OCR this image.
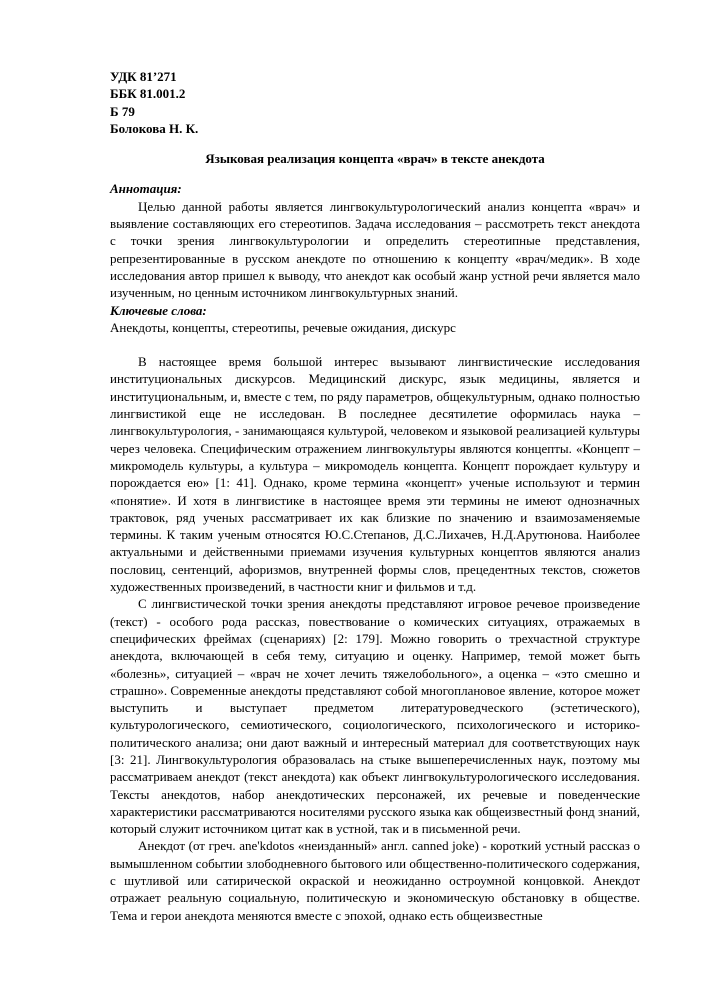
УДК 81’271
ББК 81.001.2
Б 79
Болокова Н. К.
Языковая реализация концепта «врач» в тексте анекдота
Аннотация:

Целью данной работы является лингвокультурологический анализ концепта «врач» и выявление составляющих его стереотипов. Задача исследования – рассмотреть текст анекдота с точки зрения лингвокультурологии и определить стереотипные представления, репрезентированные в русском анекдоте по отношению к концепту «врач/медик». В ходе исследования автор пришел к выводу, что анекдот как особый жанр устной речи является мало изученным, но ценным источником лингвокультурных знаний.

Ключевые слова:

Анекдоты, концепты, стереотипы, речевые ожидания, дискурс

В настоящее время большой интерес вызывают лингвистические исследования институциональных дискурсов. Медицинский дискурс, язык медицины, является и институциональным, и, вместе с тем, по ряду параметров, общекультурным, однако полностью лингвистикой еще не исследован. В последнее десятилетие оформилась наука – лингвокультурология, - занимающаяся культурой, человеком и языковой реализацией культуры через человека. Специфическим отражением лингвокультуры являются концепты. «Концепт – микромодель культуры, а культура – микромодель концепта. Концепт порождает культуру и порождается ею» [1: 41]. Однако, кроме термина «концепт» ученые используют и термин «понятие». И хотя в лингвистике в настоящее время эти термины не имеют однозначных трактовок, ряд ученых рассматривает их как близкие по значению и взаимозаменяемые термины. К таким ученым относятся Ю.С.Степанов, Д.С.Лихачев, Н.Д.Арутюнова. Наиболее актуальными и действенными приемами изучения культурных концептов являются анализ пословиц, сентенций, афоризмов, внутренней формы слов, прецедентных текстов, сюжетов художественных произведений, в частности книг и фильмов и т.д.

С лингвистической точки зрения анекдоты представляют игровое речевое произведение (текст) - особого рода рассказ, повествование о комических ситуациях, отражаемых в специфических фреймах (сценариях) [2: 179]. Можно говорить о трехчастной структуре анекдота, включающей в себя тему, ситуацию и оценку. Например, темой может быть «болезнь», ситуацией – «врач не хочет лечить тяжелобольного», а оценка – «это смешно и страшно». Современные анекдоты представляют собой многоплановое явление, которое может выступить и выступает предметом литературоведческого (эстетического), культурологического, семиотического, социологического, психологического и историко-политического анализа; они дают важный и интересный материал для соответствующих наук [3: 21]. Лингвокультурология образовалась на стыке вышеперечисленных наук, поэтому мы рассматриваем анекдот (текст анекдота) как объект лингвокультурологического исследования. Тексты анекдотов, набор анекдотических персонажей, их речевые и поведенческие характеристики рассматриваются носителями русского языка как общеизвестный фонд знаний, который служит источником цитат как в устной, так и в письменной речи.

Анекдот (от греч. ane'kdotos «неизданный» англ. canned joke) - короткий устный рассказ о вымышленном событии злободневного бытового или общественно-политического содержания, с шутливой или сатирической окраской и неожиданно остроумной концовкой. Анекдот отражает реальную социальную, политическую и экономическую обстановку в обществе. Тема и герои анекдота меняются вместе с эпохой, однако есть общеизвестные
